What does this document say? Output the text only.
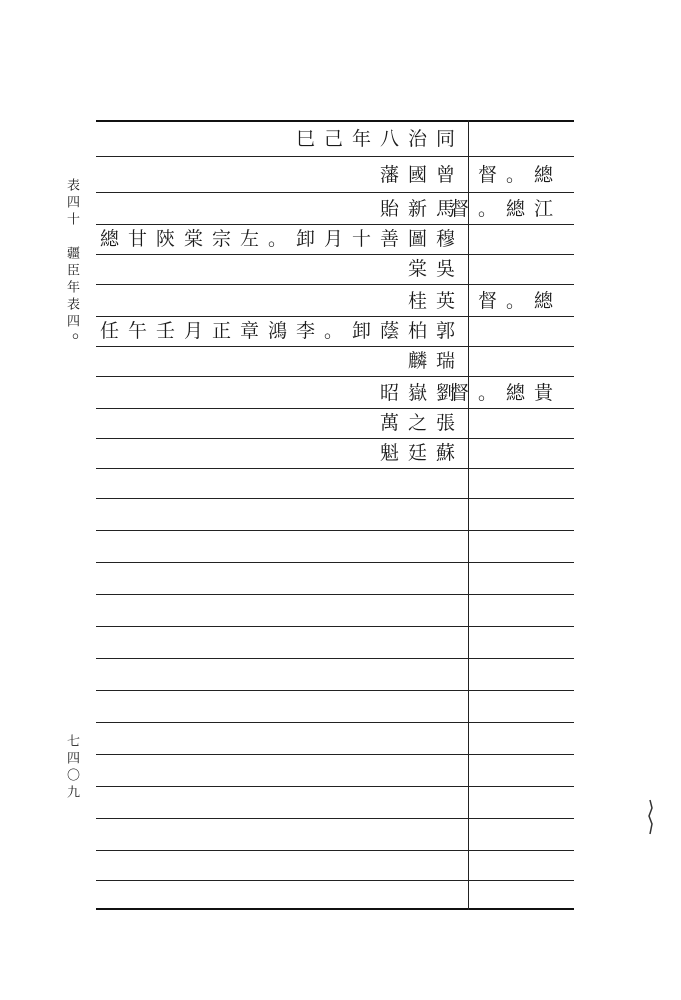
表四十　疆臣年表四
七四〇九
同治八年己巳
曾國藩 總。督
馬新貽
江總。督
穆圖善十月卸。左宗棠陝甘總
吳棠
英桂 總。督
郭柏蔭卸。李鴻章正月壬午任。
瑞麟
劉嶽昭
貴總。督
張之萬
蘇廷魁
